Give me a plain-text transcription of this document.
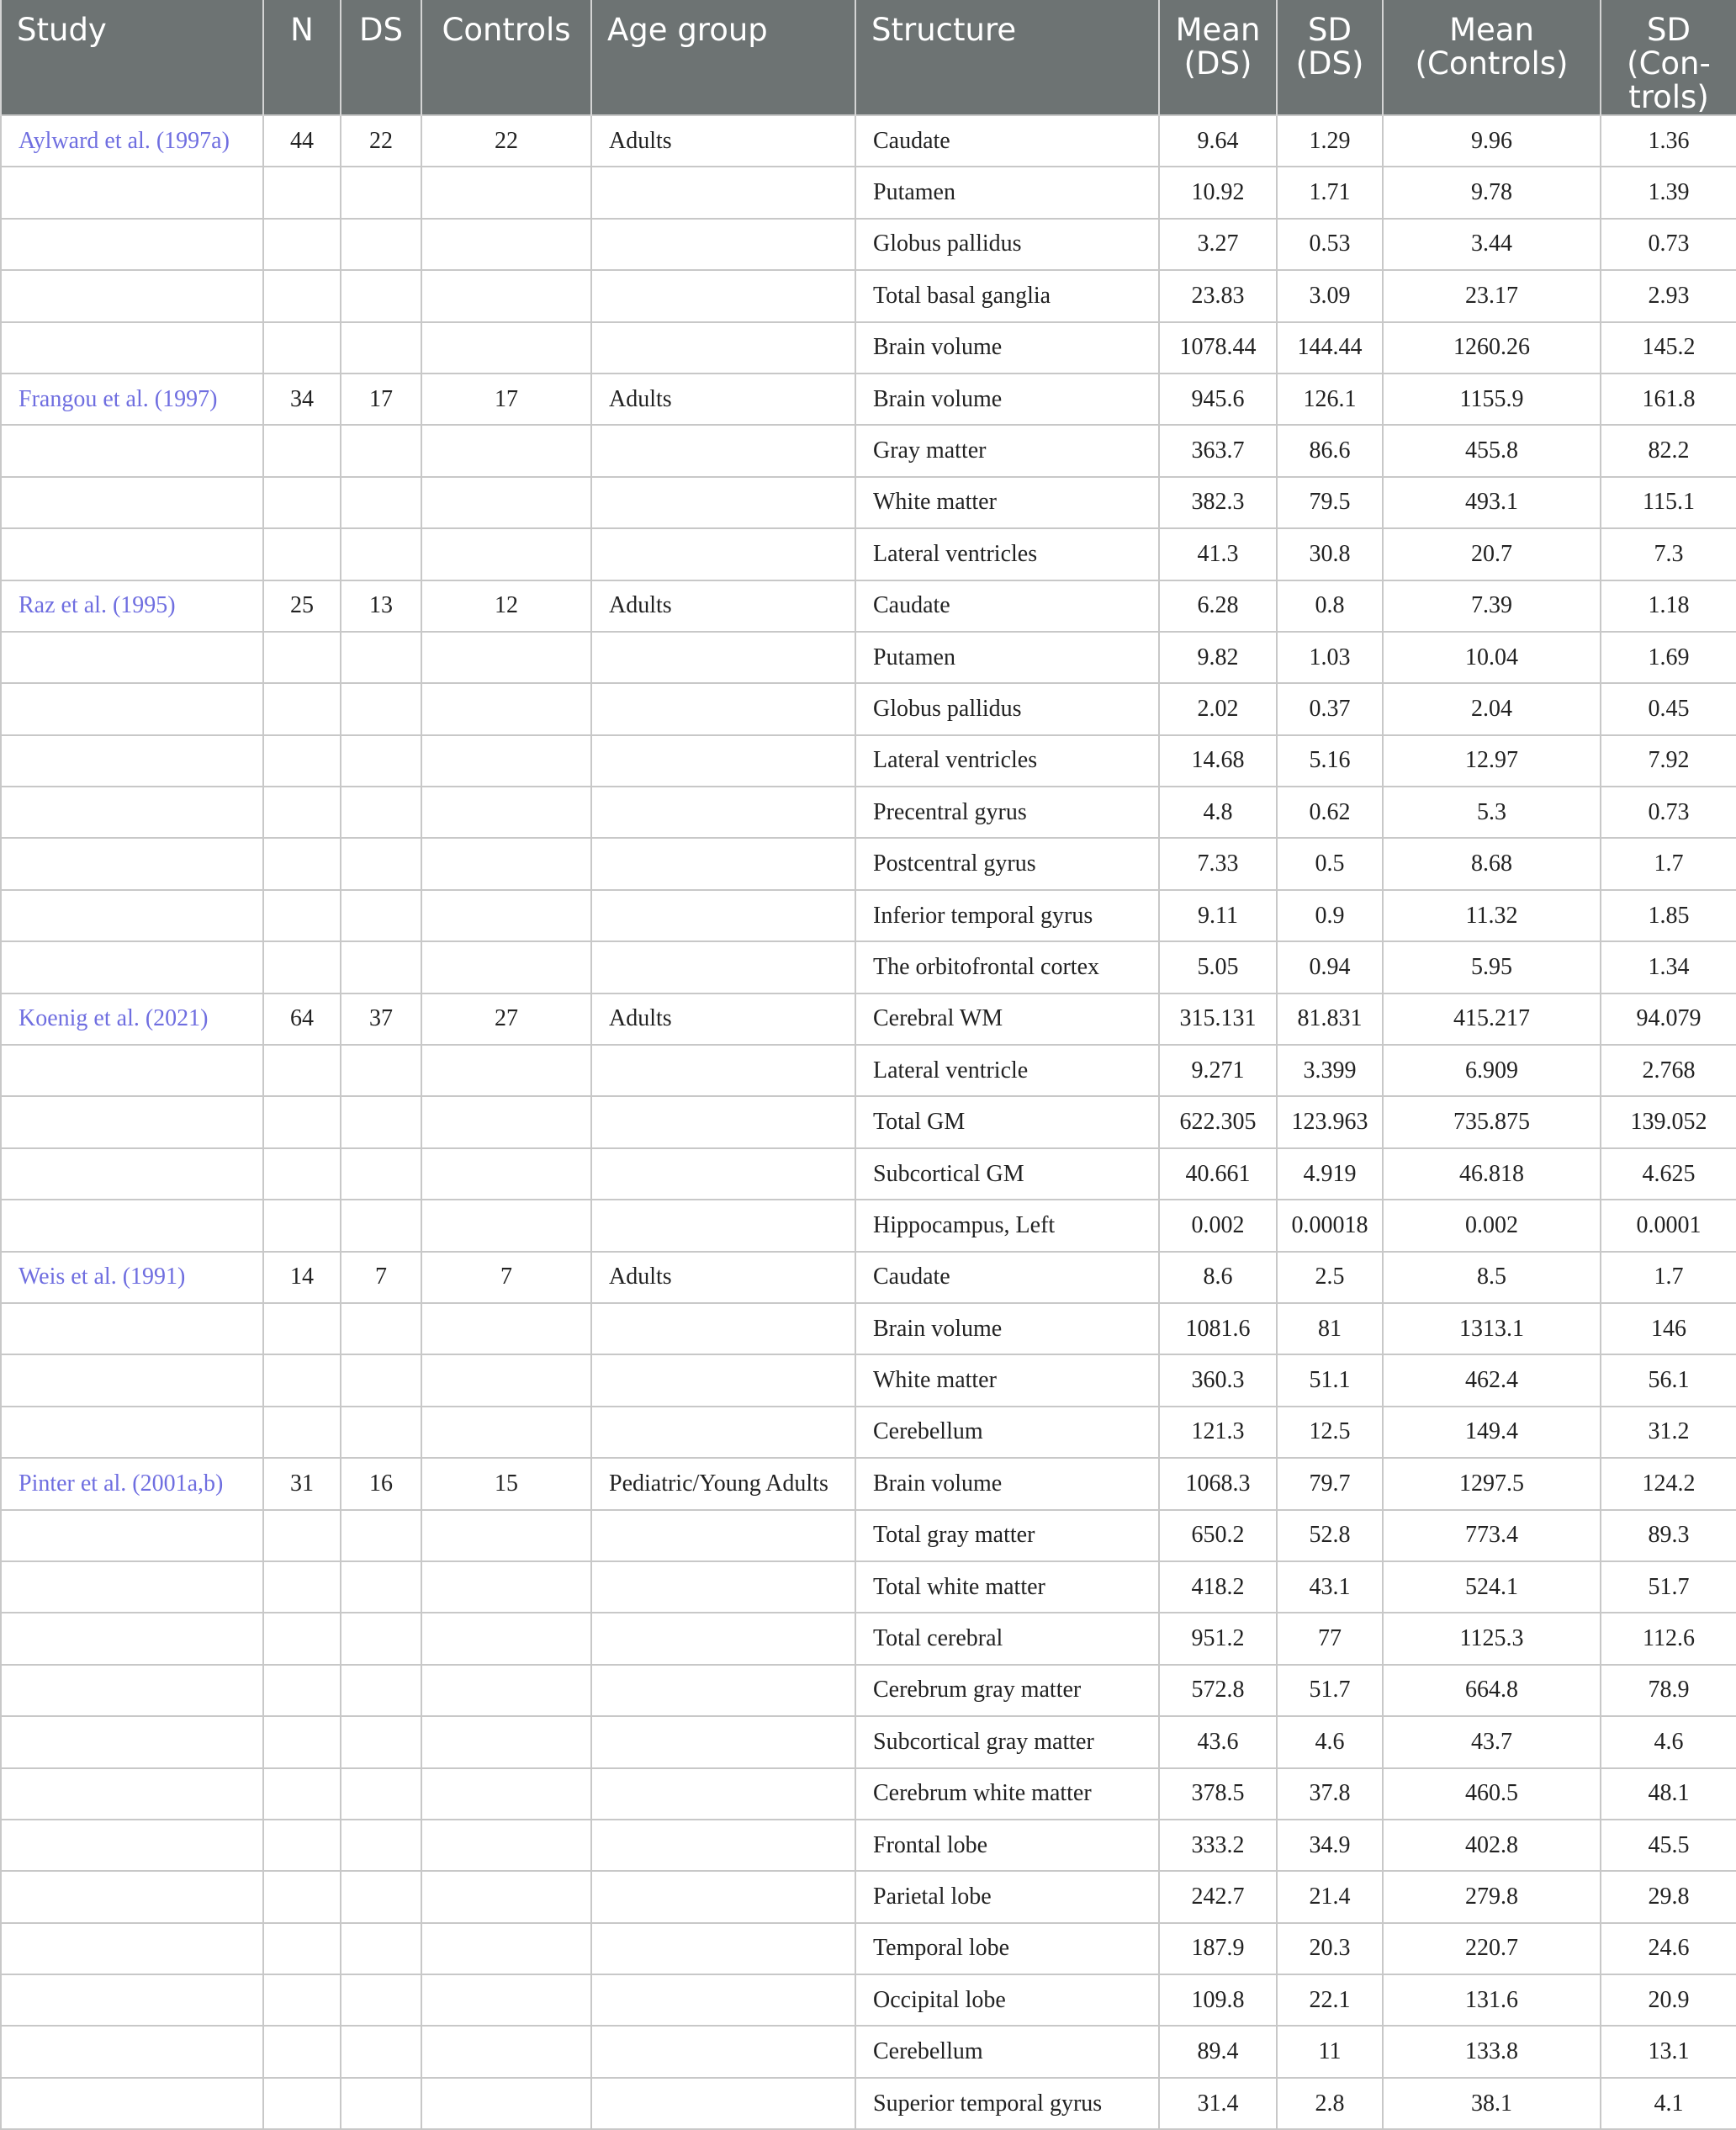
Study	N	DS	Controls	Age group	Structure	Mean (DS)	SD (DS)	Mean (Controls)	SD (Con-trols)
Aylward et al. (1997a)	44	22	22	Adults	Caudate	9.64	1.29	9.96	1.36
					Putamen	10.92	1.71	9.78	1.39
					Globus pallidus	3.27	0.53	3.44	0.73
					Total basal ganglia	23.83	3.09	23.17	2.93
					Brain volume	1078.44	144.44	1260.26	145.2
Frangou et al. (1997)	34	17	17	Adults	Brain volume	945.6	126.1	1155.9	161.8
					Gray matter	363.7	86.6	455.8	82.2
					White matter	382.3	79.5	493.1	115.1
					Lateral ventricles	41.3	30.8	20.7	7.3
Raz et al. (1995)	25	13	12	Adults	Caudate	6.28	0.8	7.39	1.18
					Putamen	9.82	1.03	10.04	1.69
					Globus pallidus	2.02	0.37	2.04	0.45
					Lateral ventricles	14.68	5.16	12.97	7.92
					Precentral gyrus	4.8	0.62	5.3	0.73
					Postcentral gyrus	7.33	0.5	8.68	1.7
					Inferior temporal gyrus	9.11	0.9	11.32	1.85
					The orbitofrontal cortex	5.05	0.94	5.95	1.34
Koenig et al. (2021)	64	37	27	Adults	Cerebral WM	315.131	81.831	415.217	94.079
					Lateral ventricle	9.271	3.399	6.909	2.768
					Total GM	622.305	123.963	735.875	139.052
					Subcortical GM	40.661	4.919	46.818	4.625
					Hippocampus, Left	0.002	0.00018	0.002	0.0001
Weis et al. (1991)	14	7	7	Adults	Caudate	8.6	2.5	8.5	1.7
					Brain volume	1081.6	81	1313.1	146
					White matter	360.3	51.1	462.4	56.1
					Cerebellum	121.3	12.5	149.4	31.2
Pinter et al. (2001a,b)	31	16	15	Pediatric/Young Adults	Brain volume	1068.3	79.7	1297.5	124.2
					Total gray matter	650.2	52.8	773.4	89.3
					Total white matter	418.2	43.1	524.1	51.7
					Total cerebral	951.2	77	1125.3	112.6
					Cerebrum gray matter	572.8	51.7	664.8	78.9
					Subcortical gray matter	43.6	4.6	43.7	4.6
					Cerebrum white matter	378.5	37.8	460.5	48.1
					Frontal lobe	333.2	34.9	402.8	45.5
					Parietal lobe	242.7	21.4	279.8	29.8
					Temporal lobe	187.9	20.3	220.7	24.6
					Occipital lobe	109.8	22.1	131.6	20.9
					Cerebellum	89.4	11	133.8	13.1
					Superior temporal gyrus	31.4	2.8	38.1	4.1
